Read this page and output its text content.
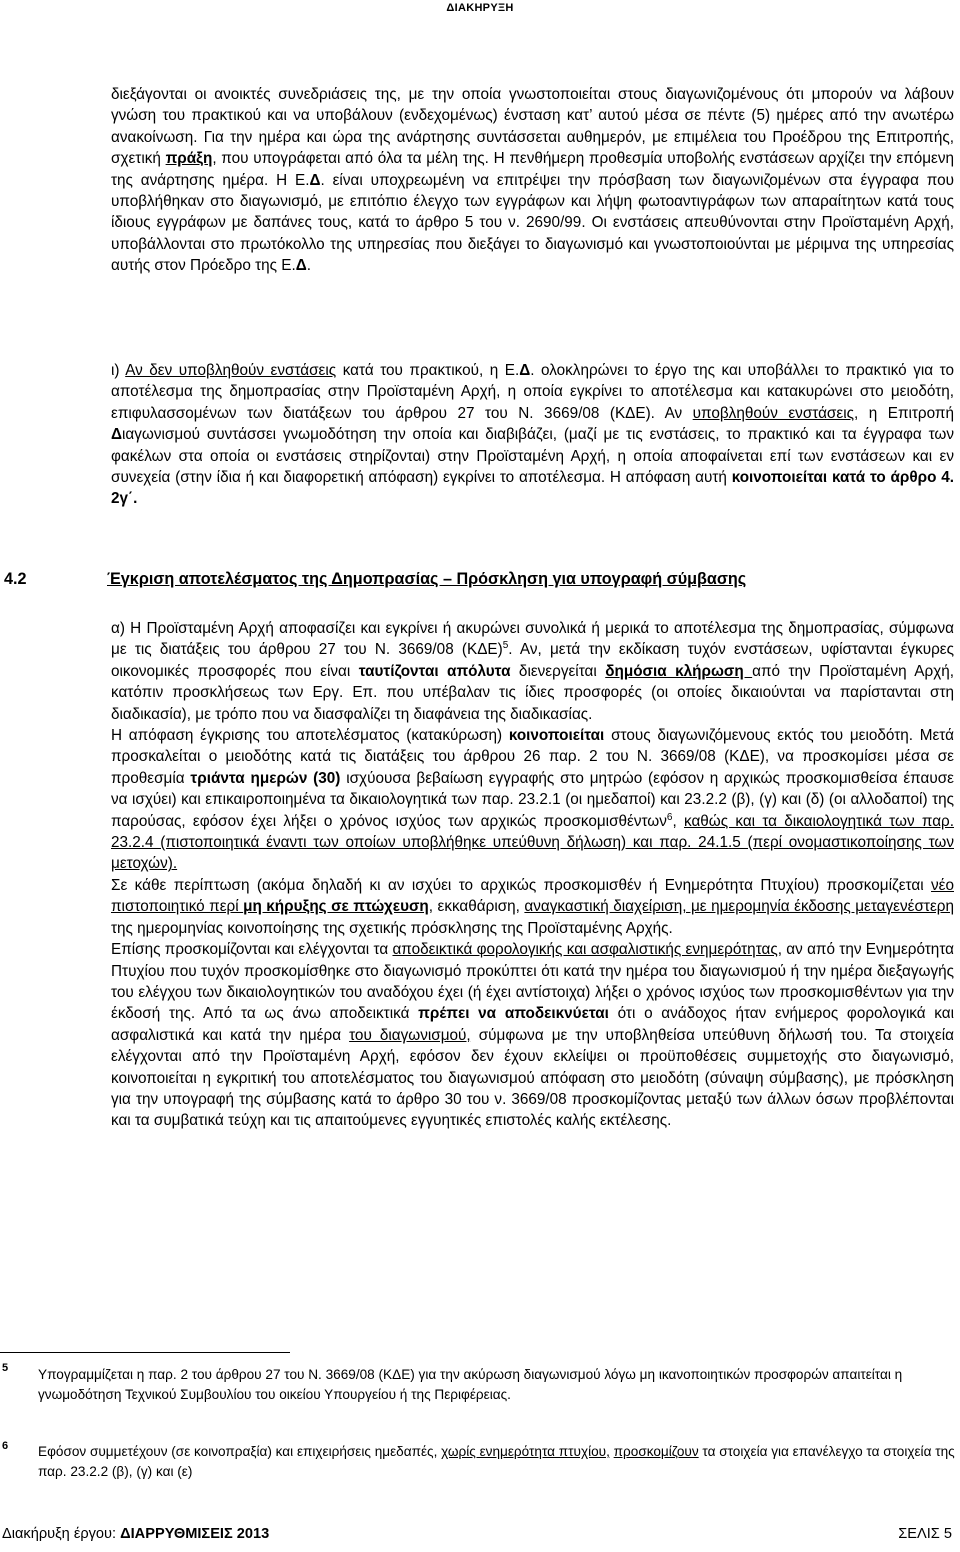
ΔΙΑΚΗΡΥΞΗ
διεξάγονται οι ανοικτές συνεδριάσεις της, με την οποία γνωστοποιείται στους διαγωνιζομένους ότι μπορούν να λάβουν γνώση του πρακτικού και να υποβάλουν (ενδεχομένως) ένσταση κατ’ αυτού μέσα σε πέντε (5) ημέρες από την ανωτέρω ανακοίνωση. Για την ημέρα και ώρα της ανάρτησης συντάσσεται αυθημερόν, με επιμέλεια του Προέδρου της Επιτροπής, σχετική πράξη, που υπογράφεται από όλα τα μέλη της. Η πενθήμερη προθεσμία υποβολής ενστάσεων αρχίζει την επόμενη της ανάρτησης ημέρα. Η Ε.Δ. είναι υποχρεωμένη να επιτρέψει την πρόσβαση των διαγωνιζομένων στα έγγραφα που υποβλήθηκαν στο διαγωνισμό, με επιτόπιο έλεγχο των εγγράφων και λήψη φωτοαντιγράφων των απαραίτητων κατά τους ίδιους εγγράφων με δαπάνες τους, κατά το άρθρο 5 του ν. 2690/99. Οι ενστάσεις απευθύνονται στην Προϊσταμένη Αρχή, υποβάλλονται στο πρωτόκολλο της υπηρεσίας που διεξάγει το διαγωνισμό και γνωστοποιούνται με μέριμνα της υπηρεσίας αυτής στον Πρόεδρο της Ε.Δ.
ι) Αν δεν υποβληθούν ενστάσεις κατά του πρακτικού, η Ε.Δ. ολοκληρώνει το έργο της και υποβάλλει το πρακτικό για το αποτέλεσμα της δημοπρασίας στην Προϊσταμένη Αρχή, η οποία εγκρίνει το αποτέλεσμα και κατακυρώνει στο μειοδότη, επιφυλασσομένων των διατάξεων του άρθρου 27 του Ν. 3669/08 (ΚΔΕ). Αν υποβληθούν ενστάσεις, η Επιτροπή Διαγωνισμού συντάσσει γνωμοδότηση την οποία και διαβιβάζει, (μαζί με τις ενστάσεις, το πρακτικό και τα έγγραφα των φακέλων στα οποία οι ενστάσεις στηρίζονται) στην Προϊσταμένη Αρχή, η οποία αποφαίνεται επί των ενστάσεων και εν συνεχεία (στην ίδια ή και διαφορετική απόφαση) εγκρίνει το αποτέλεσμα. Η απόφαση αυτή κοινοποιείται κατά το άρθρο 4. 2γ΄.
4.2	Έγκριση αποτελέσματος της Δημοπρασίας – Πρόσκληση για υπογραφή σύμβασης
α) Η Προϊσταμένη Αρχή αποφασίζει και εγκρίνει ή ακυρώνει συνολικά ή μερικά το αποτέλεσμα της δημοπρασίας, σύμφωνα με τις διατάξεις του άρθρου 27 του Ν. 3669/08 $(K\Delta E)^5$. Αν, μετά την εκδίκαση τυχόν ενστάσεων, υφίστανται έγκυρες οικονομικές προσφορές που είναι ταυτίζονται απόλυτα διενεργείται δημόσια κλήρωση από την Προϊσταμένη Αρχή, κατόπιν προσκλήσεως των Εργ. Επ. που υπέβαλαν τις ίδιες προσφορές (οι οποίες δικαιούνται να παρίστανται στη διαδικασία), με τρόπο που να διασφαλίζει τη διαφάνεια της διαδικασίας.
Η απόφαση έγκρισης του αποτελέσματος (κατακύρωση) κοινοποιείται στους διαγωνιζόμενους εκτός του μειοδότη. Μετά προσκαλείται ο μειοδότης κατά τις διατάξεις του άρθρου 26 παρ. 2 του Ν. 3669/08 (ΚΔΕ), να προσκομίσει μέσα σε προθεσμία τριάντα ημερών (30) ισχύουσα βεβαίωση εγγραφής στο μητρώο (εφόσον η αρχικώς προσκομισθείσα έπαυσε να ισχύει) και επικαιροποιημένα τα δικαιολογητικά των παρ. 23.2.1 (οι ημεδαποί) και 23.2.2 (β), (γ) και (δ) (οι αλλοδαποί) της παρούσας, εφόσον έχει λήξει ο χρόνος ισχύος των αρχικώς προσκομισθέντων$^6$, καθώς και τα δικαιολογητικά των παρ. 23.2.4 (πιστοποιητικά έναντι των οποίων υποβλήθηκε υπεύθυνη δήλωση) και παρ. 24.1.5 (περί ονομαστικοποίησης των μετοχών).
Σε κάθε περίπτωση (ακόμα δηλαδή κι αν ισχύει το αρχικώς προσκομισθέν ή Ενημερότητα Πτυχίου) προσκομίζεται νέο πιστοποιητικό περί μη κήρυξης σε πτώχευση, εκκαθάριση, αναγκαστική διαχείριση, με ημερομηνία έκδοσης μεταγενέστερη της ημερομηνίας κοινοποίησης της σχετικής πρόσκλησης της Προϊσταμένης Αρχής.
Επίσης προσκομίζονται και ελέγχονται τα αποδεικτικά φορολογικής και ασφαλιστικής ενημερότητας, αν από την Ενημερότητα Πτυχίου που τυχόν προσκομίσθηκε στο διαγωνισμό προκύπτει ότι κατά την ημέρα του διαγωνισμού ή την ημέρα διεξαγωγής του ελέγχου των δικαιολογητικών του αναδόχου έχει (ή έχει αντίστοιχα) λήξει ο χρόνος ισχύος των προσκομισθέντων για την έκδοσή της. Από τα ως άνω αποδεικτικά πρέπει να αποδεικνύεται ότι ο ανάδοχος ήταν ενήμερος φορολογικά και ασφαλιστικά και κατά την ημέρα του διαγωνισμού, σύμφωνα με την υποβληθείσα υπεύθυνη δήλωσή του. Τα στοιχεία ελέγχονται από την Προϊσταμένη Αρχή, εφόσον δεν έχουν εκλείψει οι προϋποθέσεις συμμετοχής στο διαγωνισμό, κοινοποιείται η εγκριτική του αποτελέσματος του διαγωνισμού απόφαση στο μειοδότη (σύναψη σύμβασης), με πρόσκληση για την υπογραφή της σύμβασης κατά το άρθρο 30 του ν. 3669/08 προσκομίζοντας μεταξύ των άλλων όσων προβλέπονται και τα συμβατικά τεύχη και τις απαιτούμενες εγγυητικές επιστολές καλής εκτέλεσης.
5 Υπογραμμίζεται η παρ. 2 του άρθρου 27 του Ν. 3669/08 (ΚΔΕ) για την ακύρωση διαγωνισμού λόγω μη ικανοποιητικών προσφορών απαιτείται η γνωμοδότηση Τεχνικού Συμβουλίου του οικείου Υπουργείου ή της Περιφέρειας.
6 Εφόσον συμμετέχουν (σε κοινοπραξία) και επιχειρήσεις ημεδαπές, χωρίς ενημερότητα πτυχίου, προσκομίζουν τα στοιχεία για επανέλεγχο τα στοιχεία της παρ. 23.2.2 (β), (γ) και (ε)
Διακήρυξη έργου: ΔΙΑΡΡΥΘΜΙΣΕΙΣ 2013	ΣΕΛΙΣ 5
